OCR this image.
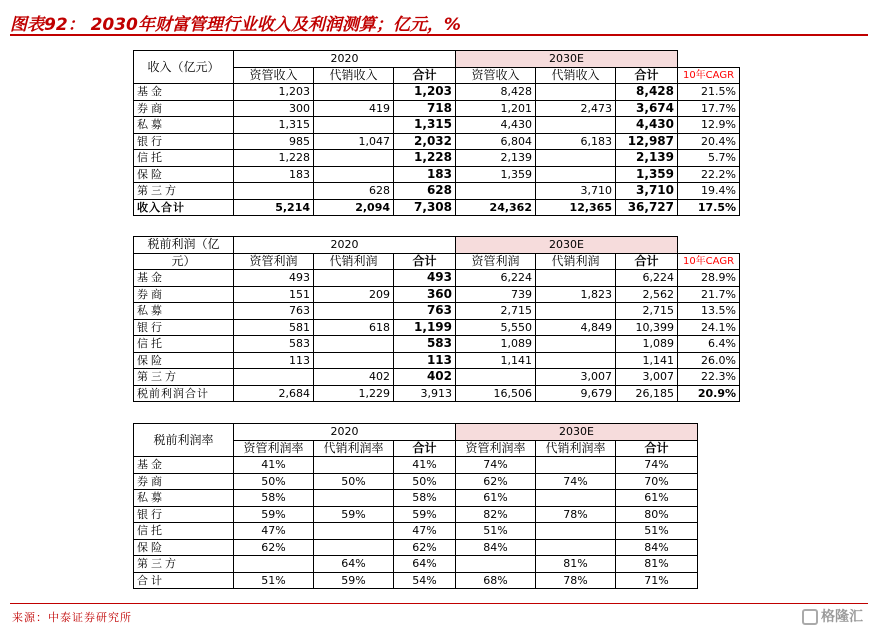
图表92： 2030年财富管理行业收入及利润测算；亿元，%
收入（亿元）	2020			2030E			
	资管收入	代销收入	合计	资管收入	代销收入	合计	10年CAGR
基金	1,203		1,203	8,428		8,428	21.5%
券商	300	419	718	1,201	2,473	3,674	17.7%
私募	1,315		1,315	4,430		4,430	12.9%
银行	985	1,047	2,032	6,804	6,183	12,987	20.4%
信托	1,228		1,228	2,139		2,139	5.7%
保险	183		183	1,359		1,359	22.2%
第三方		628	628		3,710	3,710	19.4%
收入合计	5,214	2,094	7,308	24,362	12,365	36,727	17.5%
税前利润（亿	2020			2030E			
元）	资管利润	代销利润	合计	资管利润	代销利润	合计	10年CAGR
基金	493		493	6,224		6,224	28.9%
券商	151	209	360	739	1,823	2,562	21.7%
私募	763		763	2,715		2,715	13.5%
银行	581	618	1,199	5,550	4,849	10,399	24.1%
信托	583		583	1,089		1,089	6.4%
保险	113		113	1,141		1,141	26.0%
第三方		402	402		3,007	3,007	22.3%
税前利润合计	2,684	1,229	3,913	16,506	9,679	26,185	20.9%
税前利润率	2020			2030E		
	资管利润率	代销利润率	合计	资管利润率	代销利润率	合计
基金	41%		41%	74%		74%
券商	50%	50%	50%	62%	74%	70%
私募	58%		58%	61%		61%
银行	59%	59%	59%	82%	78%	80%
信托	47%		47%	51%		51%
保险	62%		62%	84%		84%
第三方		64%	64%		81%	81%
合计	51%	59%	54%	68%	78%	71%
来源：中泰证券研究所	格隆汇
